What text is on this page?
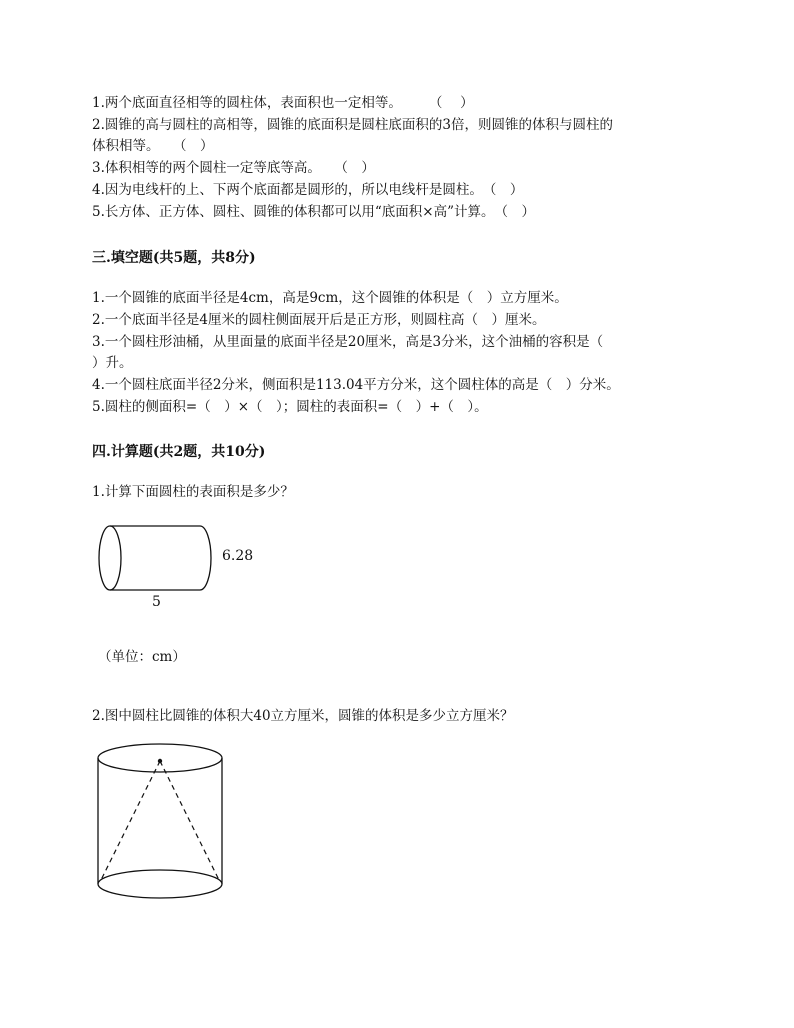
1.两个底面直径相等的圆柱体，表面积也一定相等。　　　（　 ）
2.圆锥的高与圆柱的高相等，圆锥的底面积是圆柱底面积的3倍，则圆锥的体积与圆柱的
体积相等。　　（　）
3.体积相等的两个圆柱一定等底等高。　　（　）
4.因为电线杆的上、下两个底面都是圆形的，所以电线杆是圆柱。　（　）
5.长方体、正方体、圆柱、圆锥的体积都可以用“底面积×高”计算。　（　）
三.填空题(共5题，共8分)
1.一个圆锥的底面半径是4cm，高是9cm，这个圆锥的体积是（　）立方厘米。
2.一个底面半径是4厘米的圆柱侧面展开后是正方形，则圆柱高（　）厘米。
3.一个圆柱形油桶，从里面量的底面半径是20厘米，高是3分米，这个油桶的容积是（
）升。
4.一个圆柱底面半径2分米，侧面积是113.04平方分米，这个圆柱体的高是（　）分米。
5.圆柱的侧面积=（　）×（　）；圆柱的表面积=（　）+（　）。
四.计算题(共2题，共10分)
1.计算下面圆柱的表面积是多少？
6.28
5
（单位：cm）
2.图中圆柱比圆锥的体积大40立方厘米，圆锥的体积是多少立方厘米？
